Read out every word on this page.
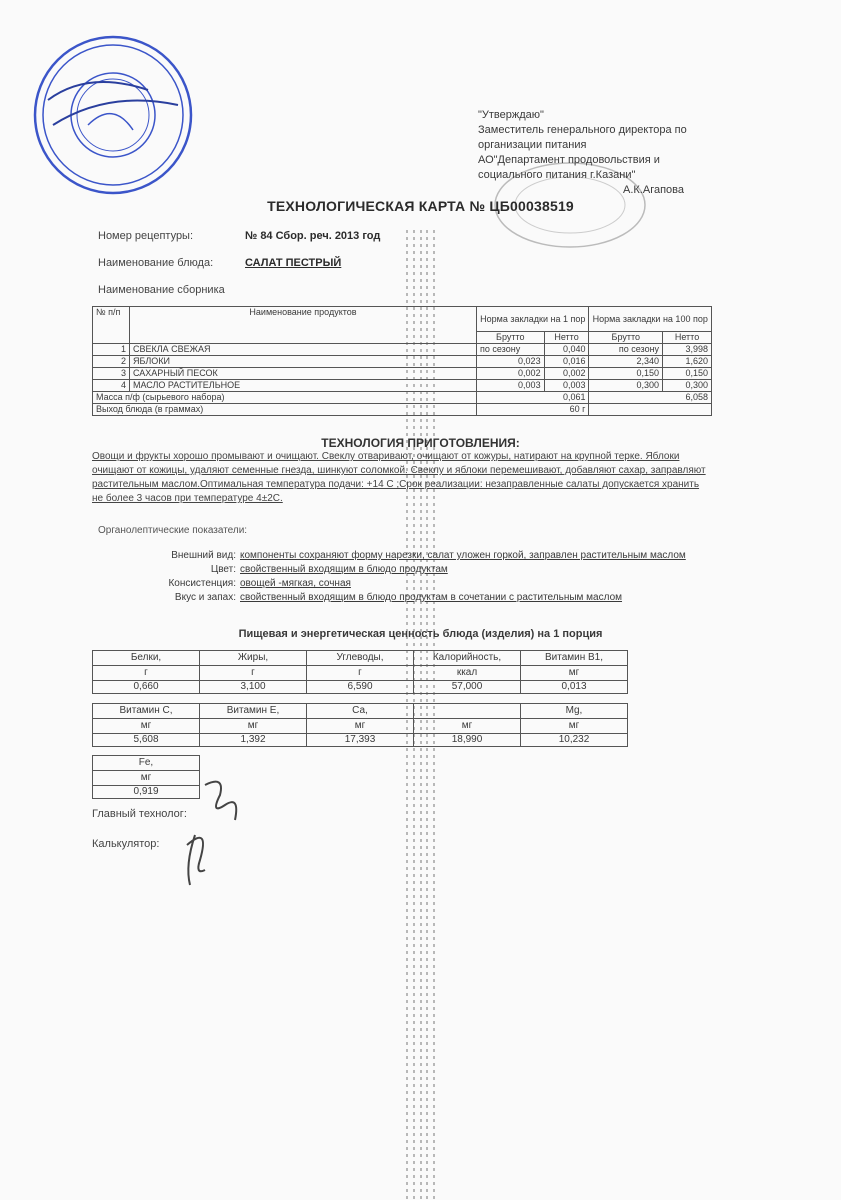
"Утверждаю"
Заместитель генерального директора по
организации питания
АО"Департамент продовольствия и
социального питания г.Казани"
А.К.Агапова
ТЕХНОЛОГИЧЕСКАЯ КАРТА № ЦБ00038519
Номер рецептуры:	№ 84 Сбор. реч. 2013 год
Наименование блюда:	САЛАТ ПЕСТРЫЙ
Наименование сборника
№ п/п	Наименование продуктов	Норма закладки на 1 пор		Норма закладки на 100 пор	
		Брутто	Нетто	Брутто	Нетто
1	СВЕКЛА СВЕЖАЯ	по сезону	0,040	по сезону	3,998
2	ЯБЛОКИ	0,023	0,016	2,340	1,620
3	САХАРНЫЙ ПЕСОК	0,002	0,002	0,150	0,150
4	МАСЛО РАСТИТЕЛЬНОЕ	0,003	0,003	0,300	0,300
Масса п/ф (сырьевого набора)		0,061		6,058	
Выход блюда (в граммах)		60 г			
ТЕХНОЛОГИЯ ПРИГОТОВЛЕНИЯ:
Овощи и фрукты хорошо промывают и очищают. Свеклу отваривают, очищают от кожуры, натирают на крупной терке. Яблоки очищают от кожицы, удаляют семенные гнезда, шинкуют соломкой. Свеклу и яблоки перемешивают, добавляют сахар, заправляют растительным маслом.Оптимальная температура подачи: +14 С ;Срок реализации: незаправленные салаты допускается хранить не более 3 часов при температуре 4±2С.
Органолептические показатели:
Внешний вид: компоненты сохраняют форму нарезки, салат уложен горкой, заправлен растительным маслом
Цвет: свойственный входящим в блюдо продуктам
Консистенция: овощей -мягкая, сочная
Вкус и запах: свойственный входящим в блюдо продуктам в сочетании с растительным маслом
Пищевая и энергетическая ценность блюда (изделия) на 1 порция
Белки,	Жиры,	Углеводы,	Калорийность,	Витамин В1,
г	г	г	ккал	мг
0,660	3,100	6,590	57,000	0,013
Витамин С,	Витамин Е,	Са,		Mg,
мг	мг	мг	мг	мг
5,608	1,392	17,393	18,990	10,232
Fe,
мг
0,919
Главный технолог:
Калькулятор:
